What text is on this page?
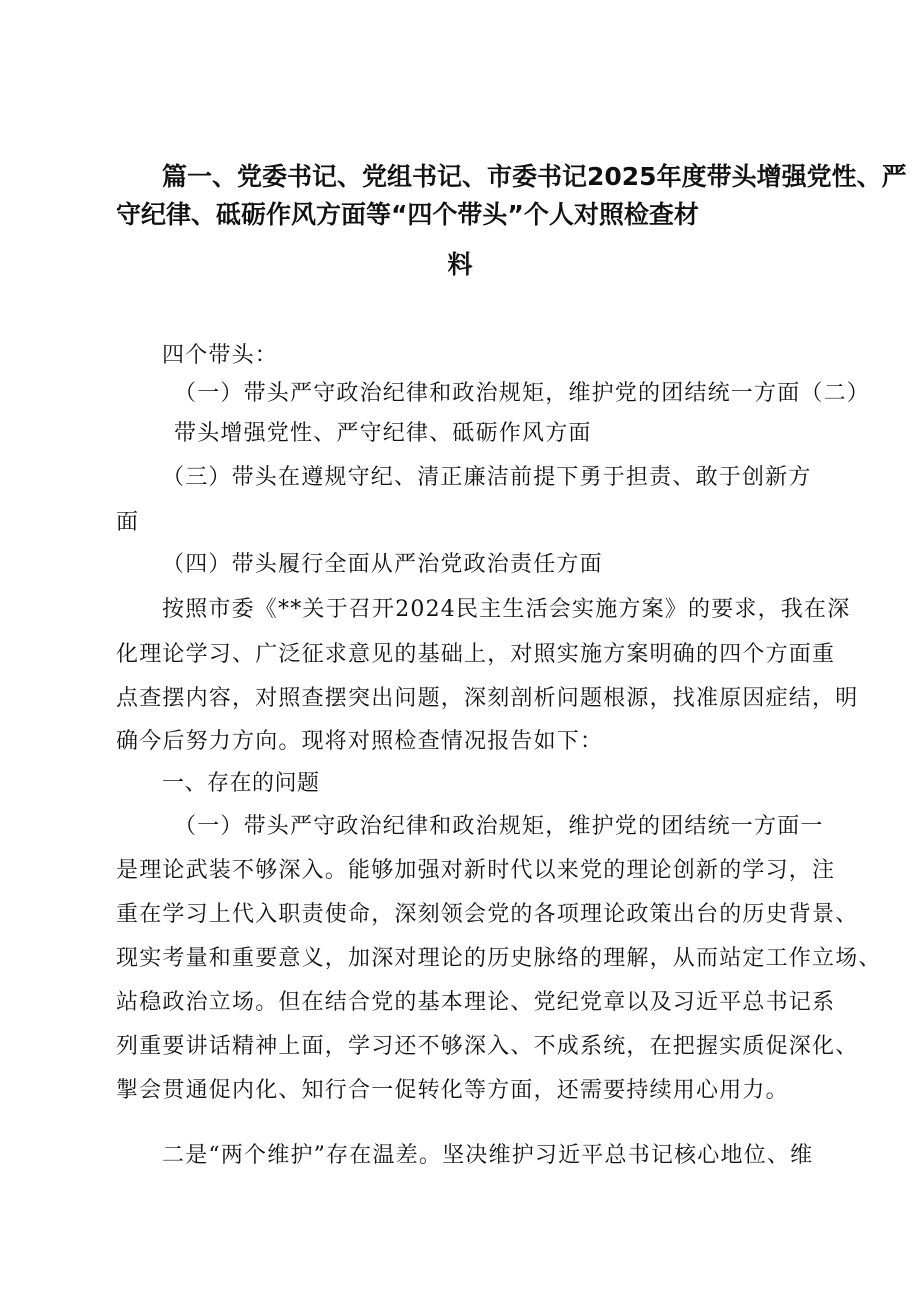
篇一、党委书记、党组书记、市委书记2025年度带头增强党性、严
守纪律、砥砺作风方面等“四个带头”个人对照检查材
料
四个带头：
（一）带头严守政治纪律和政治规矩，维护党的团结统一方面（二）
带头增强党性、严守纪律、砥砺作风方面
（三）带头在遵规守纪、清正廉洁前提下勇于担责、敢于创新方
面
（四）带头履行全面从严治党政治责任方面
按照市委《**关于召开2024民主生活会实施方案》的要求，我在深
化理论学习、广泛征求意见的基础上，对照实施方案明确的四个方面重
点查摆内容，对照查摆突出问题，深刻剖析问题根源，找准原因症结，明
确今后努力方向。现将对照检查情况报告如下：
一、存在的问题
（一）带头严守政治纪律和政治规矩，维护党的团结统一方面一
是理论武装不够深入。能够加强对新时代以来党的理论创新的学习，注
重在学习上代入职责使命，深刻领会党的各项理论政策出台的历史背景、
现实考量和重要意义，加深对理论的历史脉络的理解，从而站定工作立场、
站稳政治立场。但在结合党的基本理论、党纪党章以及习近平总书记系
列重要讲话精神上面，学习还不够深入、不成系统，在把握实质促深化、
掣会贯通促内化、知行合一促转化等方面，还需要持续用心用力。
二是“两个维护”存在温差。坚决维护习近平总书记核心地位、维
